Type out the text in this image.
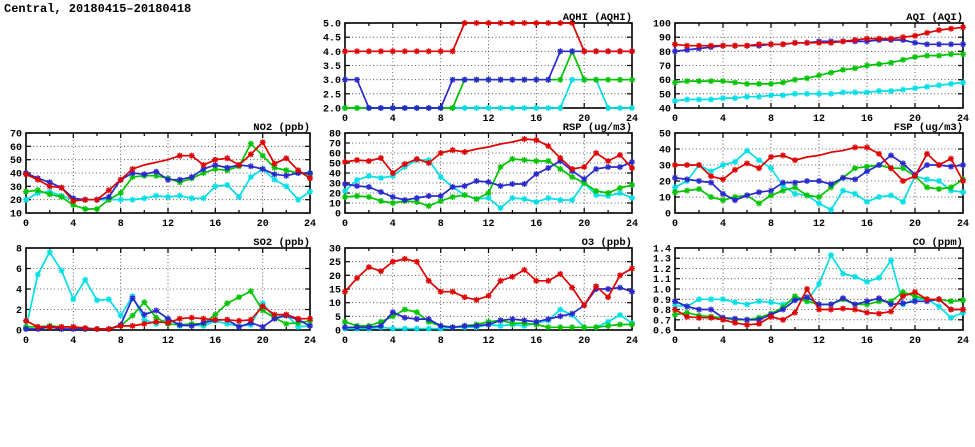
Central, 20180415–20180418
2.0
2.5
3.0
3.5
4.0
4.5
5.0
0	4	8	12	16	20	24
AQHI (AQHI)
40
50
60
70
80
90
100
0	4	8	12	16	20	24
AQI (AQI)
10
20
30
40
50
60
70
0	4	8	12	16	20	24
NO2 (ppb)
0
10
20
30
40
50
60
70
80
0	4	8	12	16	20	24
RSP (ug/m3)
0
10
20
30
40
50
0	4	8	12	16	20	24
FSP (ug/m3)
0
2
4
6
8
0	4	8	12	16	20	24
SO2 (ppb)
0
5
10
15
20
25
30
0	4	8	12	16	20	24
O3 (ppb)
0.6
0.7
0.8
0.9
1.0
1.1
1.2
1.3
1.4
0	4	8	12	16	20	24
CO (ppm)
